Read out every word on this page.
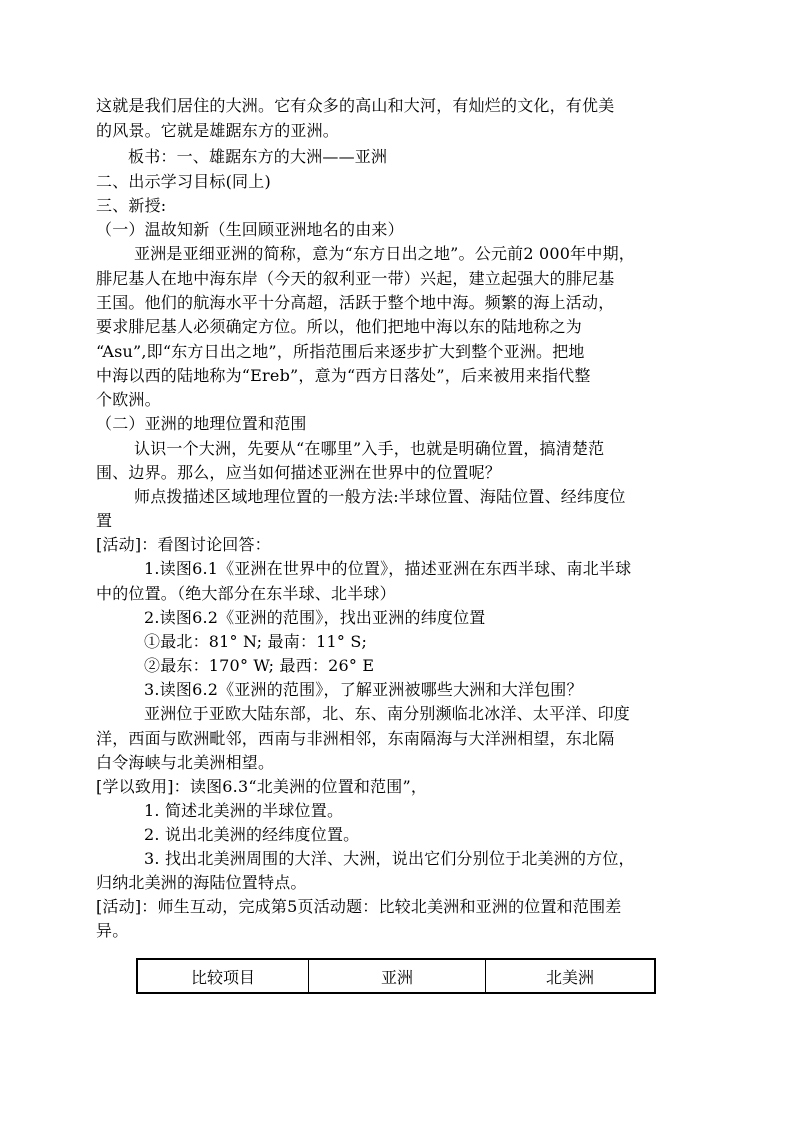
这就是我们居住的大洲。它有众多的高山和大河，有灿烂的文化，有优美
的风景。它就是雄踞东方的亚洲。
板书：一、雄踞东方的大洲——亚洲
二、出示学习目标(同上)
三、新授:
（一）温故知新（生回顾亚洲地名的由来）
亚洲是亚细亚洲的简称，意为“东方日出之地”。公元前2 000年中期，
腓尼基人在地中海东岸（今天的叙利亚一带）兴起，建立起强大的腓尼基
王国。他们的航海水平十分高超，活跃于整个地中海。频繁的海上活动，
要求腓尼基人必须确定方位。所以，他们把地中海以东的陆地称之为
“Asu”,即“东方日出之地”，所指范围后来逐步扩大到整个亚洲。把地
中海以西的陆地称为“Ereb”，意为“西方日落处”，后来被用来指代整
个欧洲。
（二）亚洲的地理位置和范围
认识一个大洲，先要从“在哪里”入手，也就是明确位置，搞清楚范
围、边界。那么，应当如何描述亚洲在世界中的位置呢？
师点拨描述区域地理位置的一般方法:半球位置、海陆位置、经纬度位
置
[活动]：看图讨论回答：
1.读图6.1《亚洲在世界中的位置》，描述亚洲在东西半球、南北半球
中的位置。（绝大部分在东半球、北半球）
2.读图6.2《亚洲的范围》，找出亚洲的纬度位置
①最北：81° N; 最南：11° S;
②最东：170° W; 最西：26° E
3.读图6.2《亚洲的范围》，了解亚洲被哪些大洲和大洋包围？
亚洲位于亚欧大陆东部，北、东、南分别濒临北冰洋、太平洋、印度
洋，西面与欧洲毗邻，西南与非洲相邻，东南隔海与大洋洲相望，东北隔
白令海峡与北美洲相望。
[学以致用]：读图6.3“北美洲的位置和范围”，
1. 简述北美洲的半球位置。
2. 说出北美洲的经纬度位置。
3. 找出北美洲周围的大洋、大洲，说出它们分别位于北美洲的方位，
归纳北美洲的海陆位置特点。
[活动]：师生互动，完成第5页活动题：比较北美洲和亚洲的位置和范围差
异。
比较项目	亚洲	北美洲
